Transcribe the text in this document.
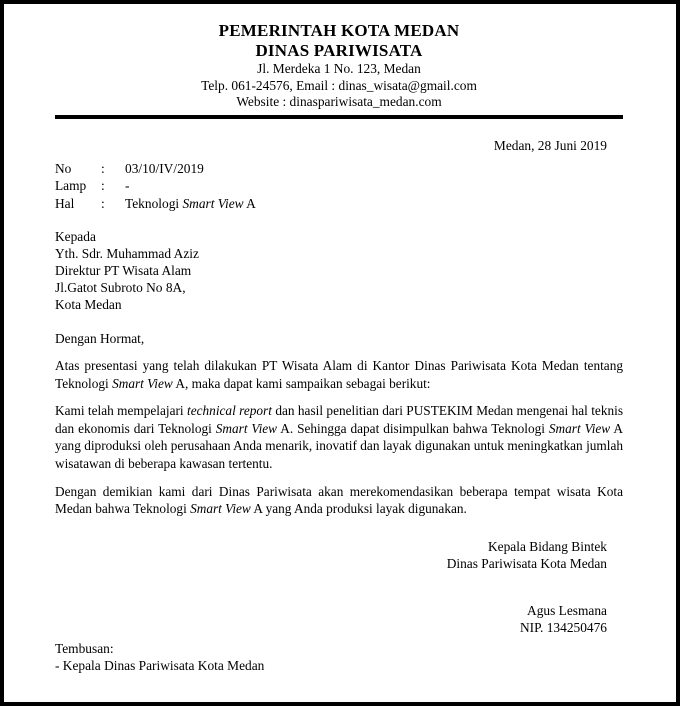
PEMERINTAH KOTA MEDAN
DINAS PARIWISATA
Jl. Merdeka 1 No. 123, Medan
Telp. 061-24576, Email : dinas_wisata@gmail.com
Website : dinaspariwisata_medan.com
Medan, 28 Juni 2019
No	:	03/10/IV/2019
Lamp	:	-
Hal	:	Teknologi Smart View A
Kepada
Yth. Sdr. Muhammad Aziz
Direktur PT Wisata Alam
Jl.Gatot Subroto No 8A,
Kota Medan
Dengan Hormat,

Atas presentasi yang telah dilakukan PT Wisata Alam di Kantor Dinas Pariwisata Kota Medan tentang Teknologi Smart View A, maka dapat kami sampaikan sebagai berikut:

Kami telah mempelajari technical report dan hasil penelitian dari PUSTEKIM Medan mengenai hal teknis dan ekonomis dari Teknologi Smart View A. Sehingga dapat disimpulkan bahwa Teknologi Smart View A yang diproduksi oleh perusahaan Anda menarik, inovatif dan layak digunakan untuk meningkatkan jumlah wisatawan di beberapa kawasan tertentu.

Dengan demikian kami dari Dinas Pariwisata akan merekomendasikan beberapa tempat wisata Kota Medan bahwa Teknologi Smart View A yang Anda produksi layak digunakan.

Kepala Bidang Bintek
Dinas Pariwisata Kota Medan
Agus Lesmana
NIP. 134250476
Tembusan:
- Kepala Dinas Pariwisata Kota Medan
